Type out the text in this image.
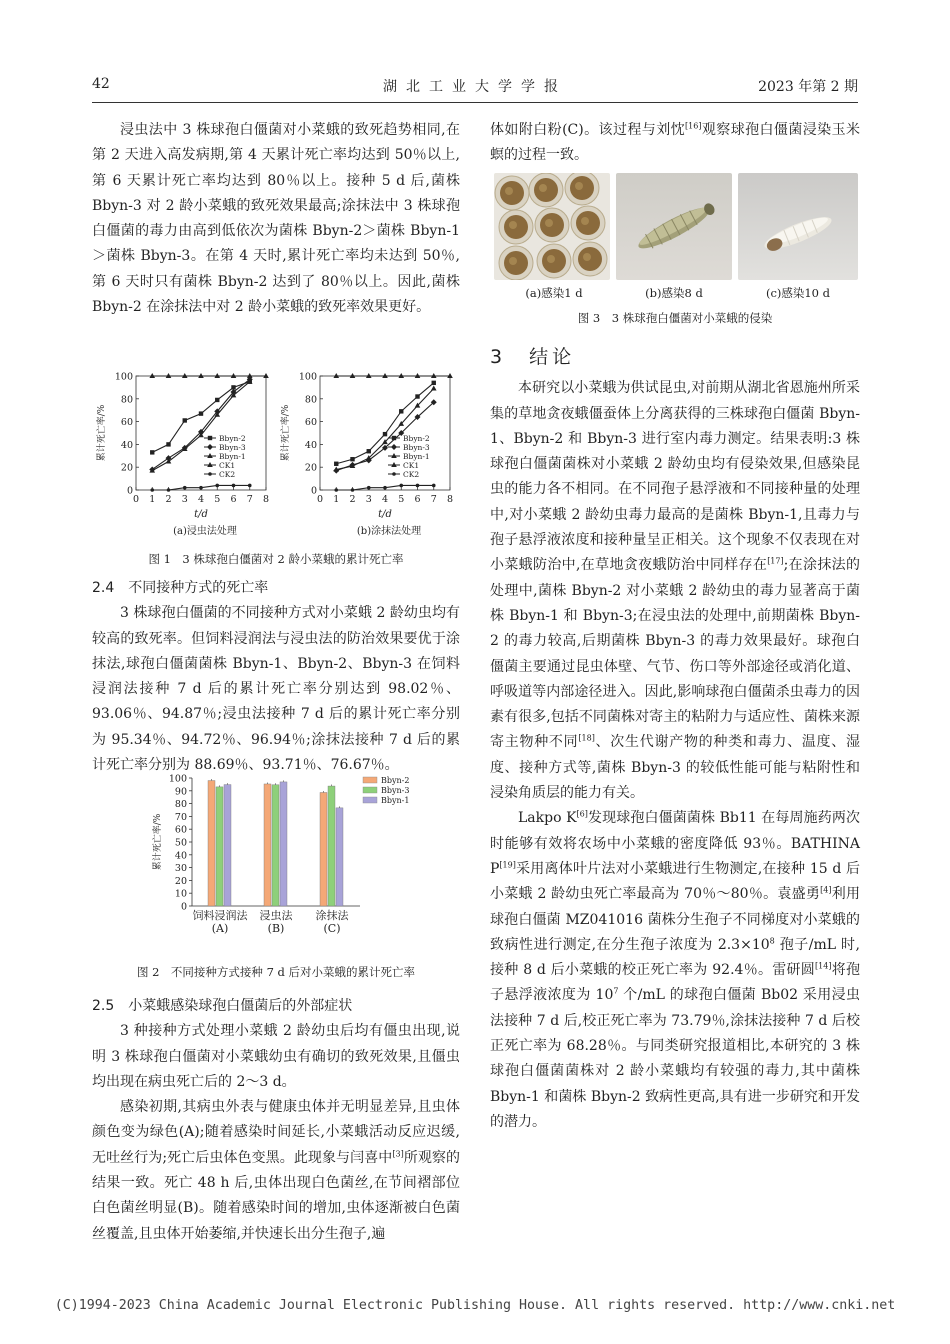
42	湖北工业大学学报	2023 年第 2 期

浸虫法中 3 株球孢白僵菌对小菜蛾的致死趋势相同,在第 2 天进入高发病期,第 4 天累计死亡率均达到 50％以上,第 6 天累计死亡率均达到 80％以上。接种 5 d 后,菌株 Bbyn-3 对 2 龄小菜蛾的致死效果最高;涂抹法中 3 株球孢白僵菌的毒力由高到低依次为菌株 Bbyn-2＞菌株 Bbyn-1＞菌株 Bbyn-3。在第 4 天时,累计死亡率均未达到 50％,第 6 天时只有菌株 Bbyn-2 达到了 80％以上。因此,菌株 Bbyn-2 在涂抹法中对 2 龄小菜蛾的致死率效果更好。

0
20
40
60
80
100
0 1 2 3 4 5 6 7 8
t/d
累计死亡率/%
(a)浸虫法处理
Bbyn-2
Bbyn-3
Bbyn-1
CK1
CK2
0
20
40
60
80
100
0 1 2 3 4 5 6 7 8
t/d
累计死亡率/%
(b)涂抹法处理
Bbyn-2
Bbyn-3
Bbyn-1
CK1
CK2

图 1　3 株球孢白僵菌对 2 龄小菜蛾的累计死亡率

2.4　不同接种方式的死亡率

3 株球孢白僵菌的不同接种方式对小菜蛾 2 龄幼虫均有较高的致死率。但饲料浸润法与浸虫法的防治效果要优于涂抹法,球孢白僵菌菌株 Bbyn-1、Bbyn-2、Bbyn-3 在饲料浸润法接种 7 d 后的累计死亡率分别达到 98.02％、93.06％、94.87％;浸虫法接种 7 d 后的累计死亡率分别为 95.34％、94.72％、96.94％;涂抹法接种 7 d 后的累计死亡率分别为 88.69％、93.71％、76.67％。

0
10
20
30
40
50
60
70
80
90
100
累计死亡率/%
饲料浸润法
(A)
浸虫法
(B)
涂抹法
(C)
Bbyn-2
Bbyn-3
Bbyn-1

图 2　不同接种方式接种 7 d 后对小菜蛾的累计死亡率

2.5　小菜蛾感染球孢白僵菌后的外部症状

3 种接种方式处理小菜蛾 2 龄幼虫后均有僵虫出现,说明 3 株球孢白僵菌对小菜蛾幼虫有确切的致死效果,且僵虫均出现在病虫死亡后的 2～3 d。

感染初期,其病虫外表与健康虫体并无明显差异,且虫体颜色变为绿色(A);随着感染时间延长,小菜蛾活动反应迟缓,无吐丝行为;死亡后虫体色变黑。此现象与闫喜中[3]所观察的结果一致。死亡 48 h 后,虫体出现白色菌丝,在节间褶部位白色菌丝明显(B)。随着感染时间的增加,虫体逐渐被白色菌丝覆盖,且虫体开始萎缩,并快速长出分生孢子,遍

体如附白粉(C)。该过程与刘忱[16]观察球孢白僵菌浸染玉米螟的过程一致。

(a)感染1 d	(b)感染8 d	(c)感染10 d

图 3　3 株球孢白僵菌对小菜蛾的侵染

3　 结论

本研究以小菜蛾为供试昆虫,对前期从湖北省恩施州所采集的草地贪夜蛾僵蚕体上分离获得的三株球孢白僵菌 Bbyn-1、Bbyn-2 和 Bbyn-3 进行室内毒力测定。结果表明:3 株球孢白僵菌菌株对小菜蛾 2 龄幼虫均有侵染效果,但感染昆虫的能力各不相同。在不同孢子悬浮液和不同接种量的处理中,对小菜蛾 2 龄幼虫毒力最高的是菌株 Bbyn-1,且毒力与孢子悬浮液浓度和接种量呈正相关。这个现象不仅表现在对小菜蛾防治中,在草地贪夜蛾防治中同样存在[17];在涂抹法的处理中,菌株 Bbyn-2 对小菜蛾 2 龄幼虫的毒力显著高于菌株 Bbyn-1 和 Bbyn-3;在浸虫法的处理中,前期菌株 Bbyn-2 的毒力较高,后期菌株 Bbyn-3 的毒力效果最好。球孢白僵菌主要通过昆虫体壁、气节、伤口等外部途径或消化道、呼吸道等内部途径进入。因此,影响球孢白僵菌杀虫毒力的因素有很多,包括不同菌株对寄主的粘附力与适应性、菌株来源寄主物种不同[18]、次生代谢产物的种类和毒力、温度、湿度、接种方式等,菌株 Bbyn-3 的较低性能可能与粘附性和浸染角质层的能力有关。

Lakpo K[6]发现球孢白僵菌菌株 Bb11 在每周施药两次时能够有效将农场中小菜蛾的密度降低 93％。BATHINA P[19]采用离体叶片法对小菜蛾进行生物测定,在接种 15 d 后小菜蛾 2 龄幼虫死亡率最高为 70％～80％。袁盛勇[4]利用球孢白僵菌 MZ041016 菌株分生孢子不同梯度对小菜蛾的致病性进行测定,在分生孢子浓度为 $2.3\times 10^8$ 孢子/mL 时,接种 8 d 后小菜蛾的校正死亡率为 92.4％。雷研圆[14]将孢子悬浮液浓度为 $10^7$ 个/mL 的球孢白僵菌 Bb02 采用浸虫法接种 7 d 后,校正死亡率为 73.79％,涂抹法接种 7 d 后校正死亡率为 68.28％。与同类研究报道相比,本研究的 3 株球孢白僵菌菌株对 2 龄小菜蛾均有较强的毒力,其中菌株 Bbyn-1 和菌株 Bbyn-2 致病性更高,具有进一步研究和开发的潜力。

(C)1994-2023 China Academic Journal Electronic Publishing House. All rights reserved. http://www.cnki.net
